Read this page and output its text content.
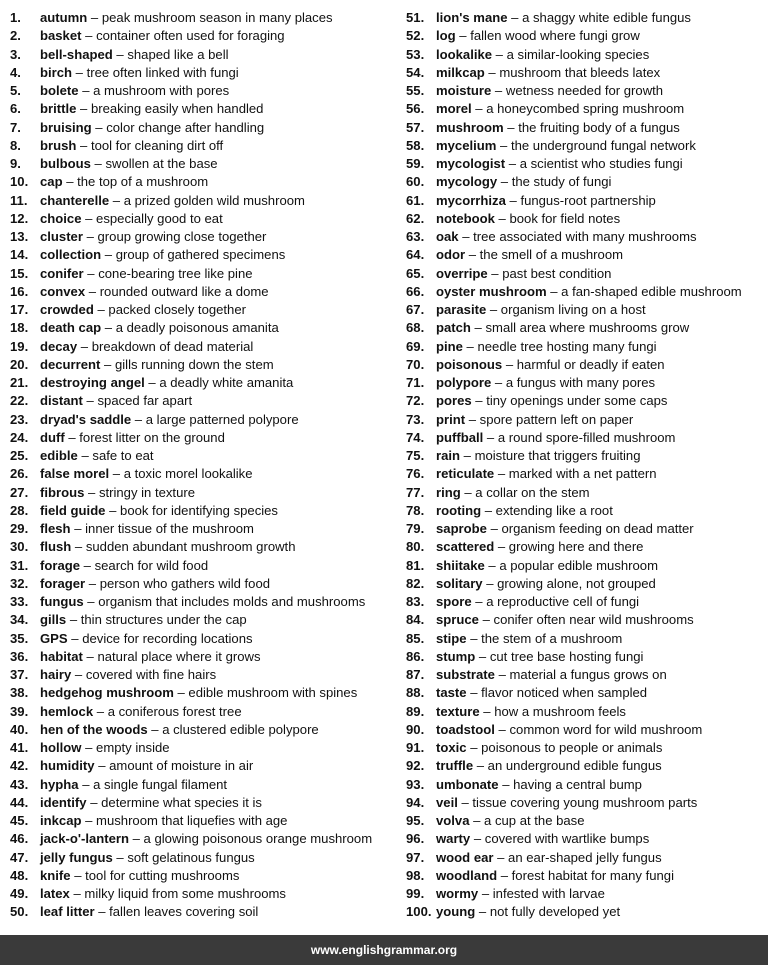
1. autumn – peak mushroom season in many places
2. basket – container often used for foraging
3. bell-shaped – shaped like a bell
4. birch – tree often linked with fungi
5. bolete – a mushroom with pores
6. brittle – breaking easily when handled
7. bruising – color change after handling
8. brush – tool for cleaning dirt off
9. bulbous – swollen at the base
10. cap – the top of a mushroom
11. chanterelle – a prized golden wild mushroom
12. choice – especially good to eat
13. cluster – group growing close together
14. collection – group of gathered specimens
15. conifer – cone-bearing tree like pine
16. convex – rounded outward like a dome
17. crowded – packed closely together
18. death cap – a deadly poisonous amanita
19. decay – breakdown of dead material
20. decurrent – gills running down the stem
21. destroying angel – a deadly white amanita
22. distant – spaced far apart
23. dryad's saddle – a large patterned polypore
24. duff – forest litter on the ground
25. edible – safe to eat
26. false morel – a toxic morel lookalike
27. fibrous – stringy in texture
28. field guide – book for identifying species
29. flesh – inner tissue of the mushroom
30. flush – sudden abundant mushroom growth
31. forage – search for wild food
32. forager – person who gathers wild food
33. fungus – organism that includes molds and mushrooms
34. gills – thin structures under the cap
35. GPS – device for recording locations
36. habitat – natural place where it grows
37. hairy – covered with fine hairs
38. hedgehog mushroom – edible mushroom with spines
39. hemlock – a coniferous forest tree
40. hen of the woods – a clustered edible polypore
41. hollow – empty inside
42. humidity – amount of moisture in air
43. hypha – a single fungal filament
44. identify – determine what species it is
45. inkcap – mushroom that liquefies with age
46. jack-o'-lantern – a glowing poisonous orange mushroom
47. jelly fungus – soft gelatinous fungus
48. knife – tool for cutting mushrooms
49. latex – milky liquid from some mushrooms
50. leaf litter – fallen leaves covering soil
51. lion's mane – a shaggy white edible fungus
52. log – fallen wood where fungi grow
53. lookalike – a similar-looking species
54. milkcap – mushroom that bleeds latex
55. moisture – wetness needed for growth
56. morel – a honeycombed spring mushroom
57. mushroom – the fruiting body of a fungus
58. mycelium – the underground fungal network
59. mycologist – a scientist who studies fungi
60. mycology – the study of fungi
61. mycorrhiza – fungus-root partnership
62. notebook – book for field notes
63. oak – tree associated with many mushrooms
64. odor – the smell of a mushroom
65. overripe – past best condition
66. oyster mushroom – a fan-shaped edible mushroom
67. parasite – organism living on a host
68. patch – small area where mushrooms grow
69. pine – needle tree hosting many fungi
70. poisonous – harmful or deadly if eaten
71. polypore – a fungus with many pores
72. pores – tiny openings under some caps
73. print – spore pattern left on paper
74. puffball – a round spore-filled mushroom
75. rain – moisture that triggers fruiting
76. reticulate – marked with a net pattern
77. ring – a collar on the stem
78. rooting – extending like a root
79. saprobe – organism feeding on dead matter
80. scattered – growing here and there
81. shiitake – a popular edible mushroom
82. solitary – growing alone, not grouped
83. spore – a reproductive cell of fungi
84. spruce – conifer often near wild mushrooms
85. stipe – the stem of a mushroom
86. stump – cut tree base hosting fungi
87. substrate – material a fungus grows on
88. taste – flavor noticed when sampled
89. texture – how a mushroom feels
90. toadstool – common word for wild mushroom
91. toxic – poisonous to people or animals
92. truffle – an underground edible fungus
93. umbonate – having a central bump
94. veil – tissue covering young mushroom parts
95. volva – a cup at the base
96. warty – covered with wartlike bumps
97. wood ear – an ear-shaped jelly fungus
98. woodland – forest habitat for many fungi
99. wormy – infested with larvae
100. young – not fully developed yet
www.englishgrammar.org
